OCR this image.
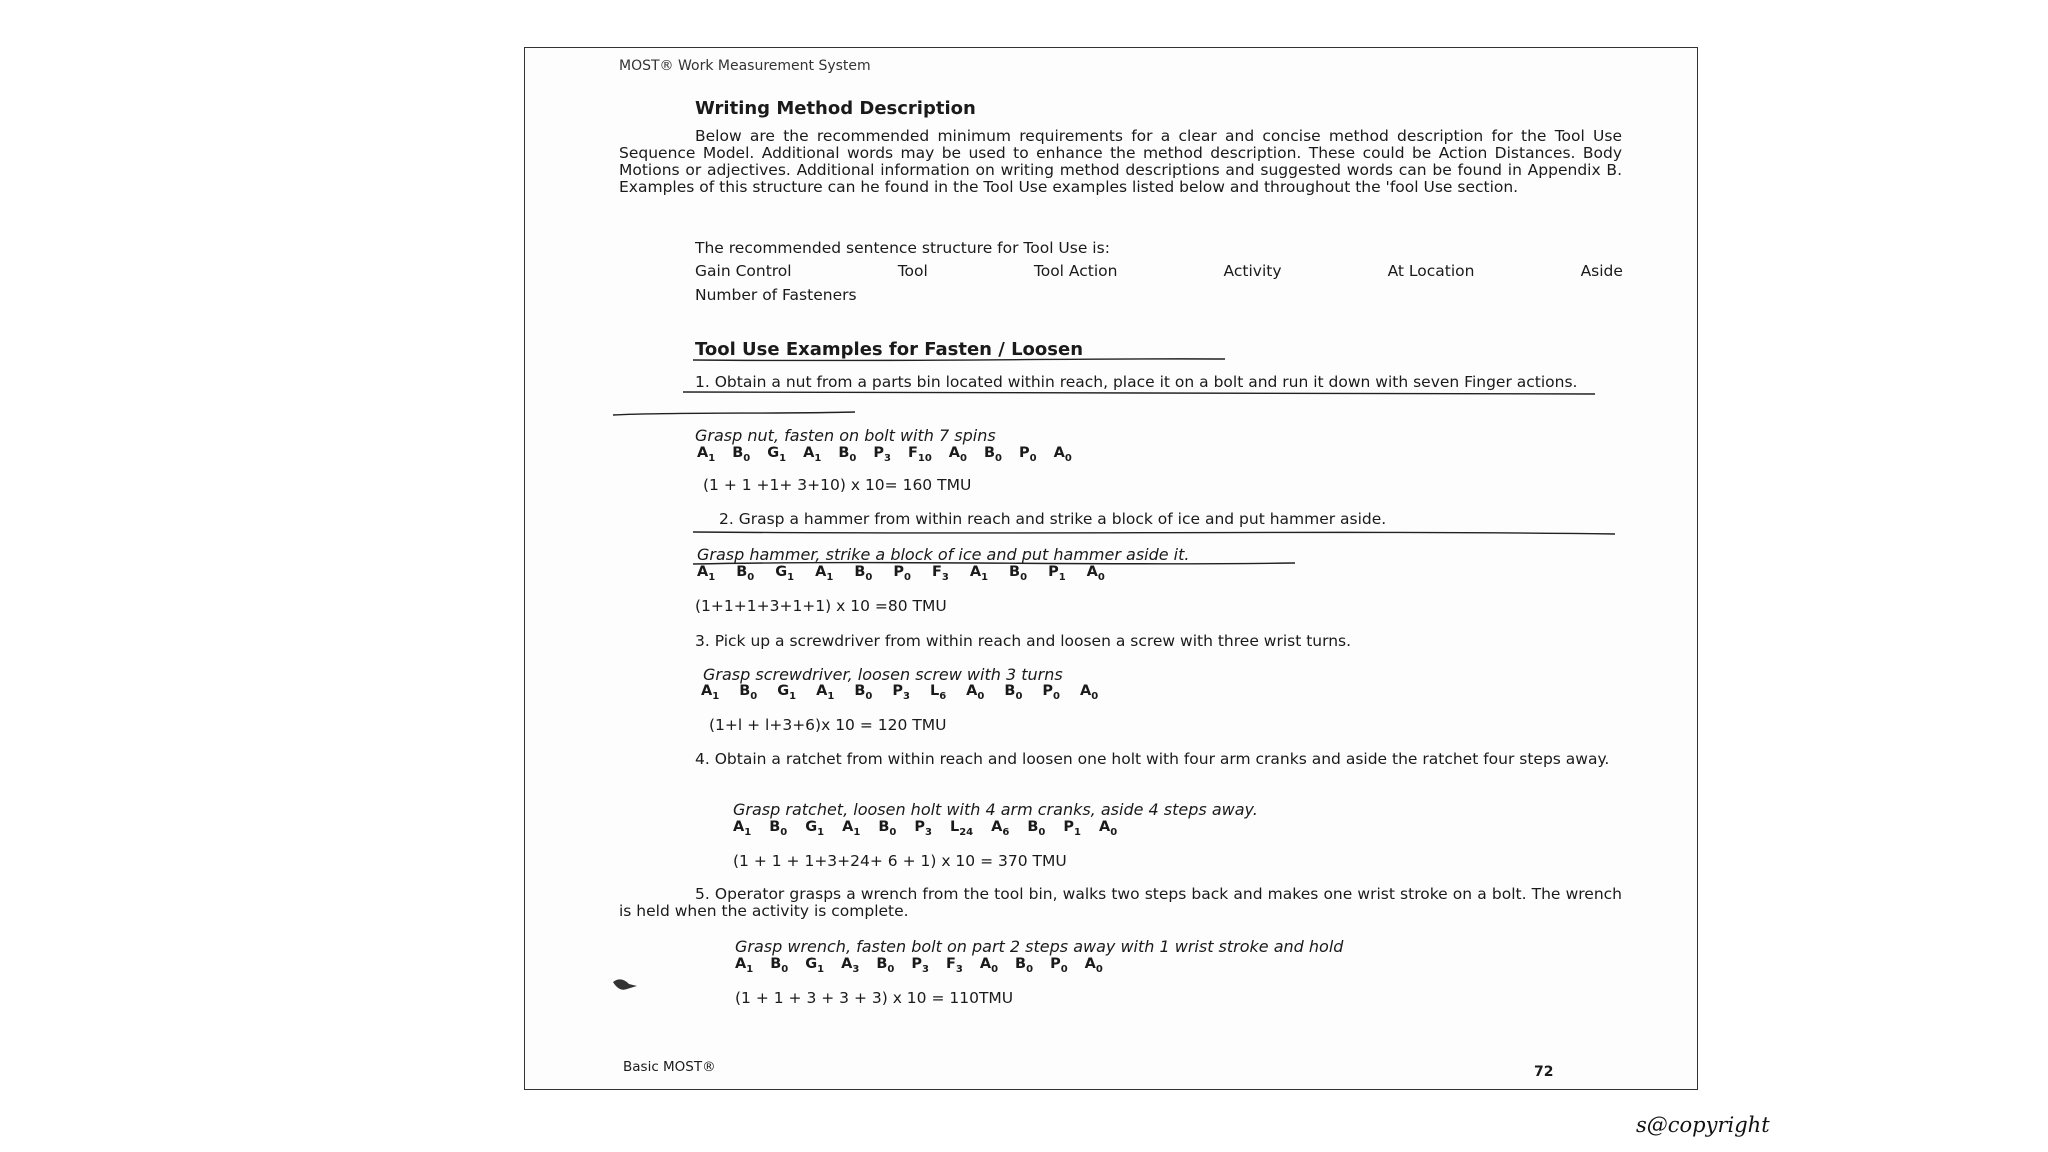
MOST® Work Measurement System
Writing Method Description

Below are the recommended minimum requirements for a clear and concise method description for the Tool Use Sequence Model. Additional words may be used to enhance the method description. These could be Action Distances. Body Motions or adjectives. Additional information on writing method descriptions and suggested words can be found in Appendix B. Examples of this structure can he found in the Tool Use examples listed below and throughout the 'fool Use section.

The recommended sentence structure for Tool Use is:
Gain Control	Tool	Tool Action	Activity	At Location	Aside
Number of Fasteners
Tool Use Examples for Fasten / Loosen

1. Obtain a nut from a parts bin located within reach, place it on a bolt and run it down with seven Finger actions.

Grasp nut, fasten on bolt with 7 spins
$A_1$ $B_0$ $G_1$ $A_1$ $B_0$ $P_3$ $F_{10}$ $A_0$ $B_0$ $P_0$ $A_0$
(1 + 1 +1+ 3+10) x 10= 160 TMU
2. Grasp a hammer from within reach and strike a block of ice and put hammer aside.
Grasp hammer, strike a block of ice and put hammer aside it.
$A_1$ $B_0$ $G_1$ $A_1$ $B_0$ $P_0$ $F_3$ $A_1$ $B_0$ $P_1$ $A_0$
(1+1+1+3+1+1) x 10 =80 TMU
3. Pick up a screwdriver from within reach and loosen a screw with three wrist turns.
Grasp screwdriver, loosen screw with 3 turns
$A_1$ $B_0$ $G_1$ $A_1$ $B_0$ $P_3$ $L_6$ $A_0$ $B_0$ $P_0$ $A_0$
(1+l + l+3+6)x 10 = 120 TMU

4. Obtain a ratchet from within reach and loosen one holt with four arm cranks and aside the ratchet four steps away.

Grasp ratchet, loosen holt with 4 arm cranks, aside 4 steps away.
$A_1$ $B_0$ $G_1$ $A_1$ $B_0$ $P_3$ $L_{24}$ $A_6$ $B_0$ $P_1$ $A_0$
(1 + 1 + 1+3+24+ 6 + 1) x 10 = 370 TMU

5. Operator grasps a wrench from the tool bin, walks two steps back and makes one wrist stroke on a bolt. The wrench is held when the activity is complete.

Grasp wrench, fasten bolt on part 2 steps away with 1 wrist stroke and hold
$A_1$ $B_0$ $G_1$ $A_3$ $B_0$ $P_3$ $F_3$ $A_0$ $B_0$ $P_0$ $A_0$
(1 + 1 + 3 + 3 + 3) x 10 = 110TMU
Basic MOST®	72
s@copyright
